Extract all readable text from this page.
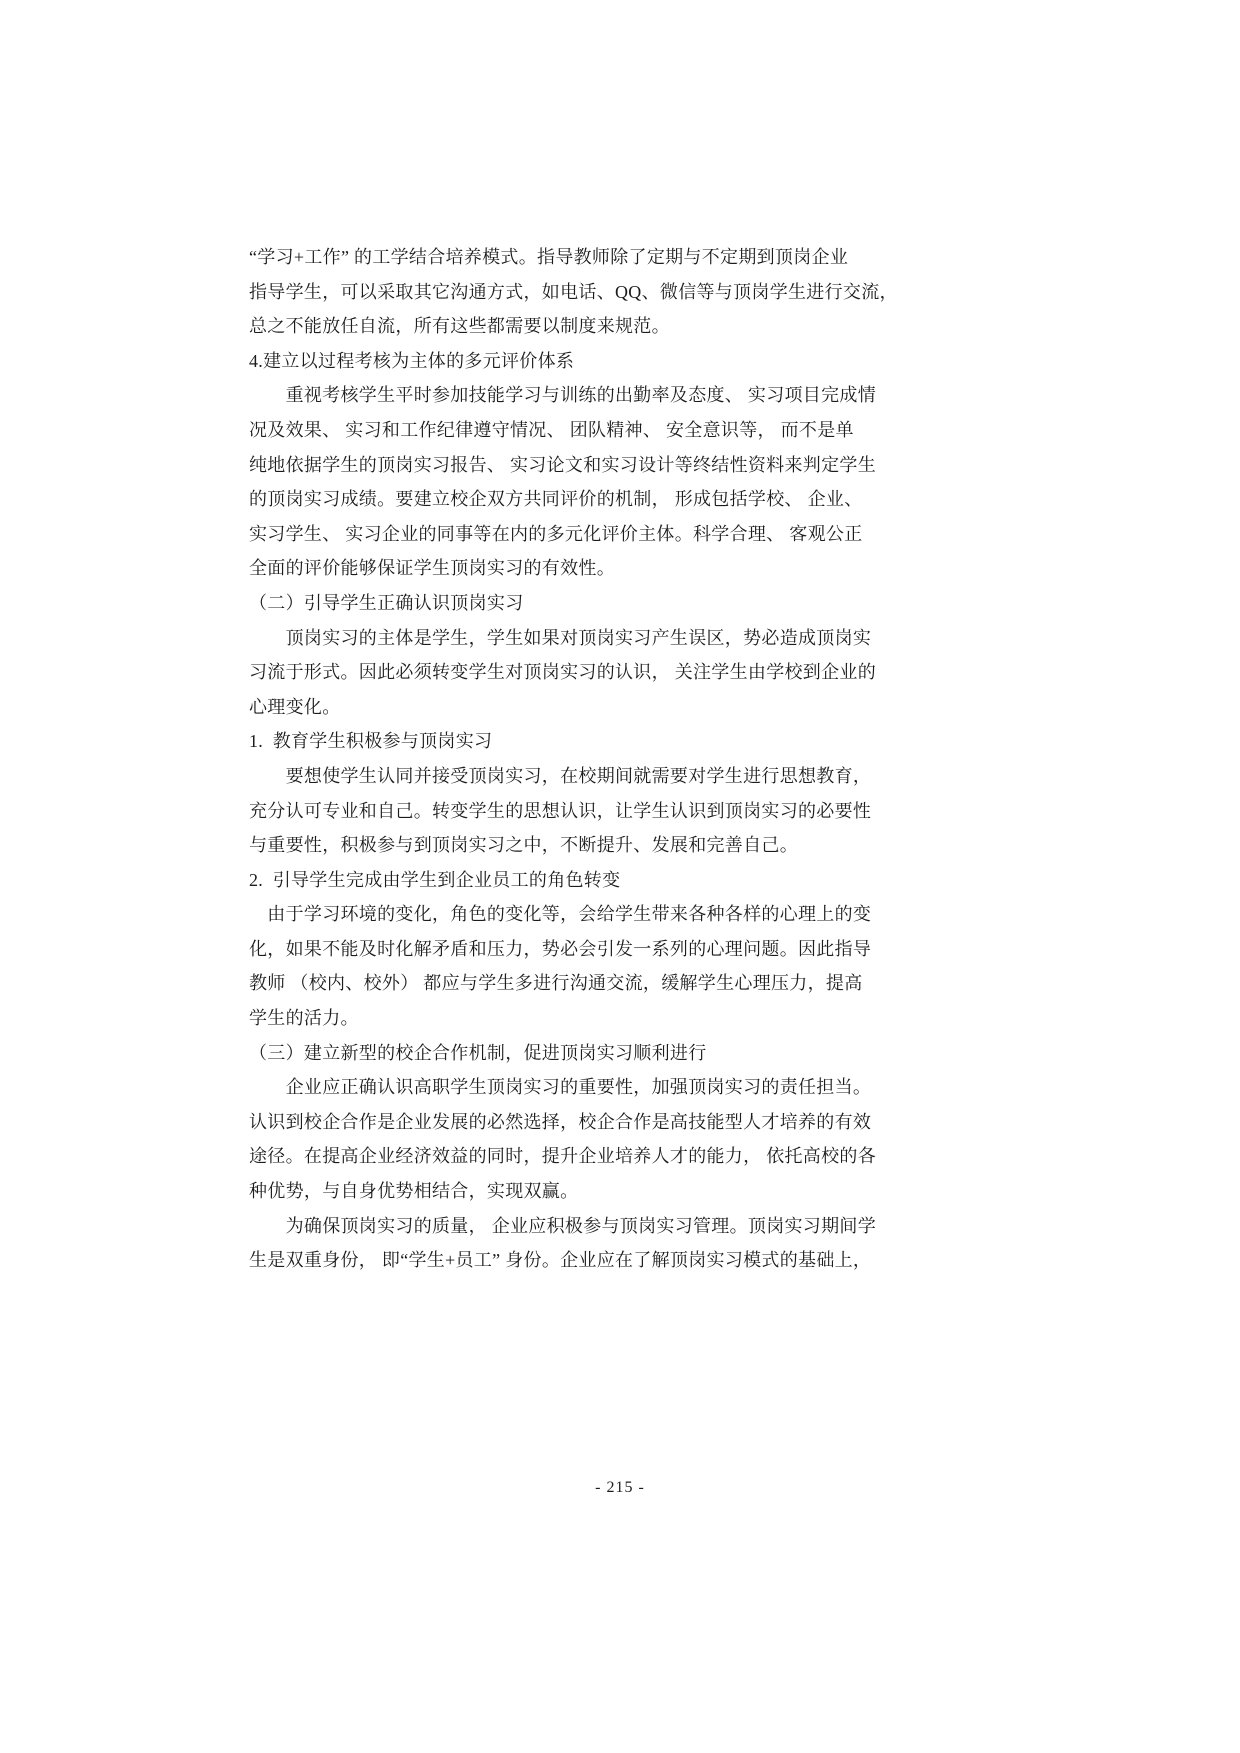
“学习+工作” 的工学结合培养模式。指导教师除了定期与不定期到顶岗企业
指导学生，可以采取其它沟通方式，如电话、QQ、微信等与顶岗学生进行交流，
总之不能放任自流，所有这些都需要以制度来规范。
4.建立以过程考核为主体的多元评价体系
　　重视考核学生平时参加技能学习与训练的出勤率及态度、 实习项目完成情
况及效果、 实习和工作纪律遵守情况、 团队精神、 安全意识等， 而不是单
纯地依据学生的顶岗实习报告、 实习论文和实习设计等终结性资料来判定学生
的顶岗实习成绩。要建立校企双方共同评价的机制， 形成包括学校、 企业、
实习学生、 实习企业的同事等在内的多元化评价主体。科学合理、 客观公正
全面的评价能够保证学生顶岗实习的有效性。
（二）引导学生正确认识顶岗实习
　　顶岗实习的主体是学生，学生如果对顶岗实习产生误区，势必造成顶岗实
习流于形式。因此必须转变学生对顶岗实习的认识， 关注学生由学校到企业的
心理变化。
1.  教育学生积极参与顶岗实习
　　要想使学生认同并接受顶岗实习，在校期间就需要对学生进行思想教育，
充分认可专业和自己。转变学生的思想认识，让学生认识到顶岗实习的必要性
与重要性，积极参与到顶岗实习之中，不断提升、发展和完善自己。
2.  引导学生完成由学生到企业员工的角色转变
　由于学习环境的变化，角色的变化等，会给学生带来各种各样的心理上的变
化，如果不能及时化解矛盾和压力，势必会引发一系列的心理问题。因此指导
教师 （校内、校外） 都应与学生多进行沟通交流，缓解学生心理压力，提高
学生的活力。
（三）建立新型的校企合作机制，促进顶岗实习顺利进行
　　企业应正确认识高职学生顶岗实习的重要性，加强顶岗实习的责任担当。
认识到校企合作是企业发展的必然选择，校企合作是高技能型人才培养的有效
途径。在提高企业经济效益的同时，提升企业培养人才的能力， 依托高校的各
种优势，与自身优势相结合，实现双赢。
　　为确保顶岗实习的质量， 企业应积极参与顶岗实习管理。顶岗实习期间学
生是双重身份， 即“学生+员工” 身份。企业应在了解顶岗实习模式的基础上，
- 215 -
